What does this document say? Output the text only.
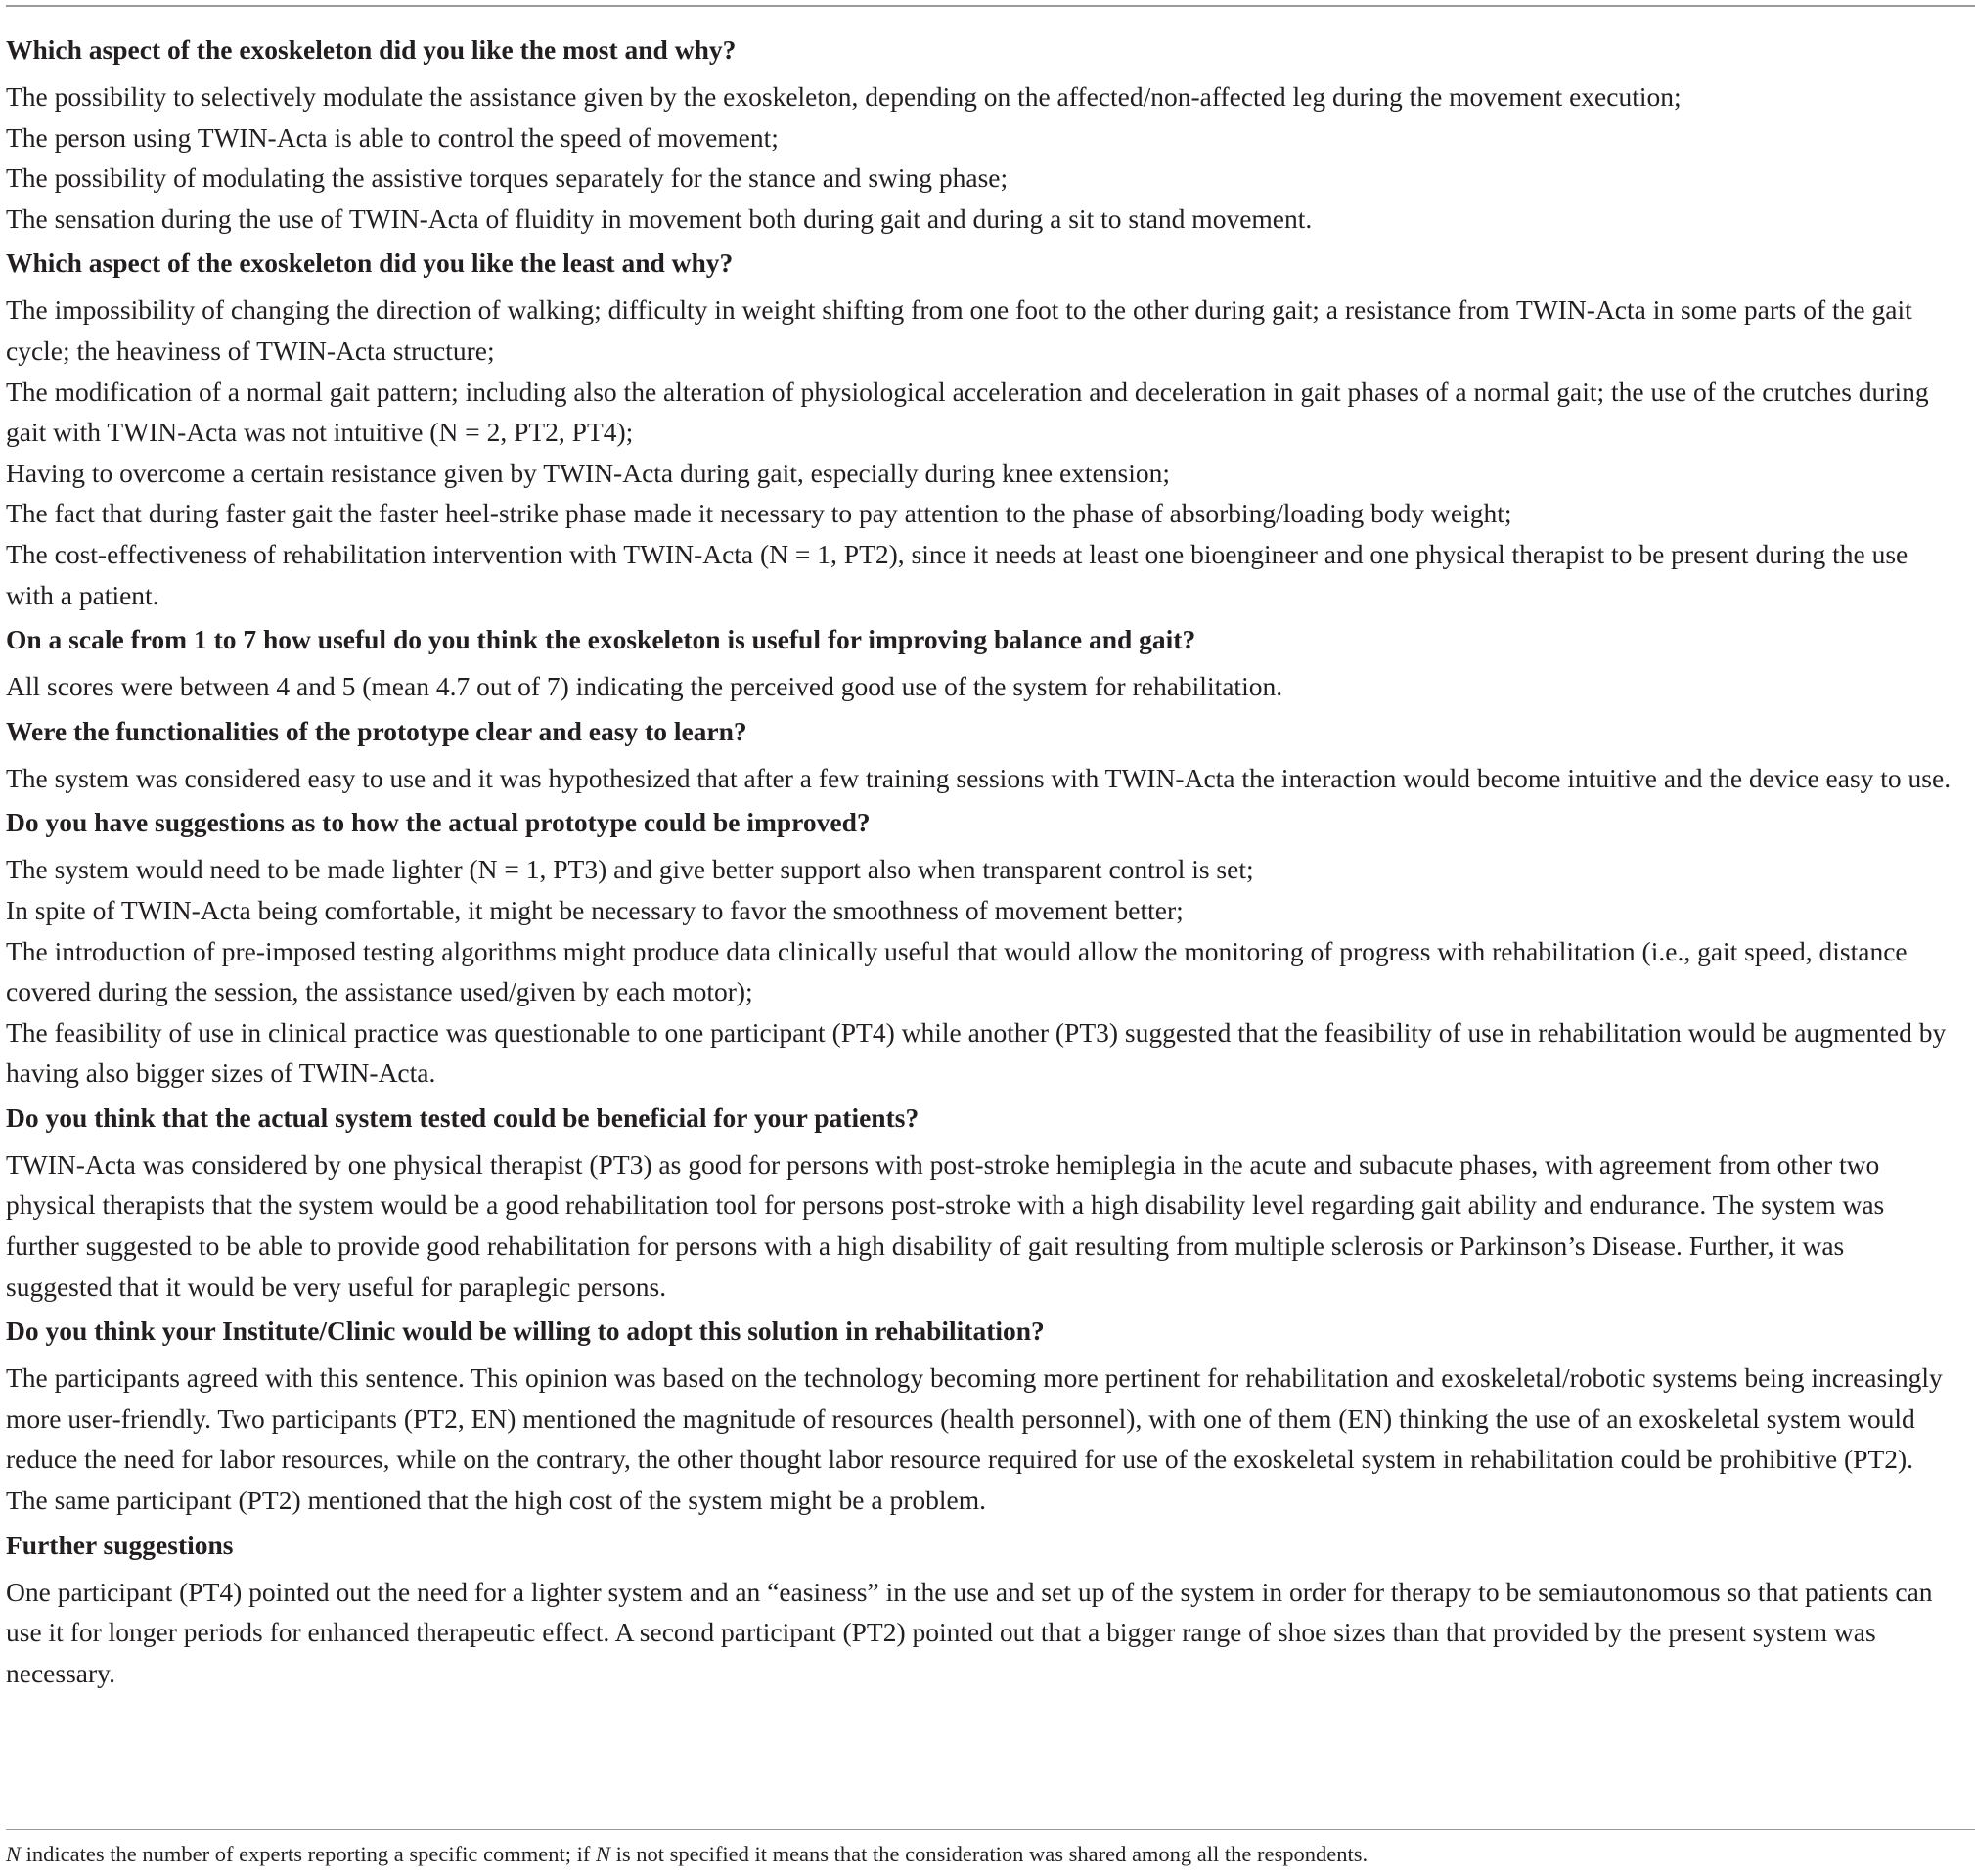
Which aspect of the exoskeleton did you like the most and why?

The possibility to selectively modulate the assistance given by the exoskeleton, depending on the affected/non-affected leg during the movement execution;

The person using TWIN-Acta is able to control the speed of movement;

The possibility of modulating the assistive torques separately for the stance and swing phase;

The sensation during the use of TWIN-Acta of fluidity in movement both during gait and during a sit to stand movement.

Which aspect of the exoskeleton did you like the least and why?

The impossibility of changing the direction of walking; difficulty in weight shifting from one foot to the other during gait; a resistance from TWIN-Acta in some parts of the gait cycle; the heaviness of TWIN-Acta structure;

The modification of a normal gait pattern; including also the alteration of physiological acceleration and deceleration in gait phases of a normal gait; the use of the crutches during gait with TWIN-Acta was not intuitive (N = 2, PT2, PT4);

Having to overcome a certain resistance given by TWIN-Acta during gait, especially during knee extension;

The fact that during faster gait the faster heel-strike phase made it necessary to pay attention to the phase of absorbing/loading body weight;

The cost-effectiveness of rehabilitation intervention with TWIN-Acta (N = 1, PT2), since it needs at least one bioengineer and one physical therapist to be present during the use with a patient.

On a scale from 1 to 7 how useful do you think the exoskeleton is useful for improving balance and gait?

All scores were between 4 and 5 (mean 4.7 out of 7) indicating the perceived good use of the system for rehabilitation.

Were the functionalities of the prototype clear and easy to learn?

The system was considered easy to use and it was hypothesized that after a few training sessions with TWIN-Acta the interaction would become intuitive and the device easy to use.

Do you have suggestions as to how the actual prototype could be improved?

The system would need to be made lighter (N = 1, PT3) and give better support also when transparent control is set;

In spite of TWIN-Acta being comfortable, it might be necessary to favor the smoothness of movement better;

The introduction of pre-imposed testing algorithms might produce data clinically useful that would allow the monitoring of progress with rehabilitation (i.e., gait speed, distance covered during the session, the assistance used/given by each motor);

The feasibility of use in clinical practice was questionable to one participant (PT4) while another (PT3) suggested that the feasibility of use in rehabilitation would be augmented by having also bigger sizes of TWIN-Acta.

Do you think that the actual system tested could be beneficial for your patients?

TWIN-Acta was considered by one physical therapist (PT3) as good for persons with post-stroke hemiplegia in the acute and subacute phases, with agreement from other two physical therapists that the system would be a good rehabilitation tool for persons post-stroke with a high disability level regarding gait ability and endurance. The system was further suggested to be able to provide good rehabilitation for persons with a high disability of gait resulting from multiple sclerosis or Parkinson’s Disease. Further, it was suggested that it would be very useful for paraplegic persons.

Do you think your Institute/Clinic would be willing to adopt this solution in rehabilitation?

The participants agreed with this sentence. This opinion was based on the technology becoming more pertinent for rehabilitation and exoskeletal/robotic systems being increasingly more user-friendly. Two participants (PT2, EN) mentioned the magnitude of resources (health personnel), with one of them (EN) thinking the use of an exoskeletal system would reduce the need for labor resources, while on the contrary, the other thought labor resource required for use of the exoskeletal system in rehabilitation could be prohibitive (PT2). The same participant (PT2) mentioned that the high cost of the system might be a problem.

Further suggestions

One participant (PT4) pointed out the need for a lighter system and an “easiness” in the use and set up of the system in order for therapy to be semiautonomous so that patients can use it for longer periods for enhanced therapeutic effect. A second participant (PT2) pointed out that a bigger range of shoe sizes than that provided by the present system was necessary.

N indicates the number of experts reporting a specific comment; if N is not specified it means that the consideration was shared among all the respondents.
